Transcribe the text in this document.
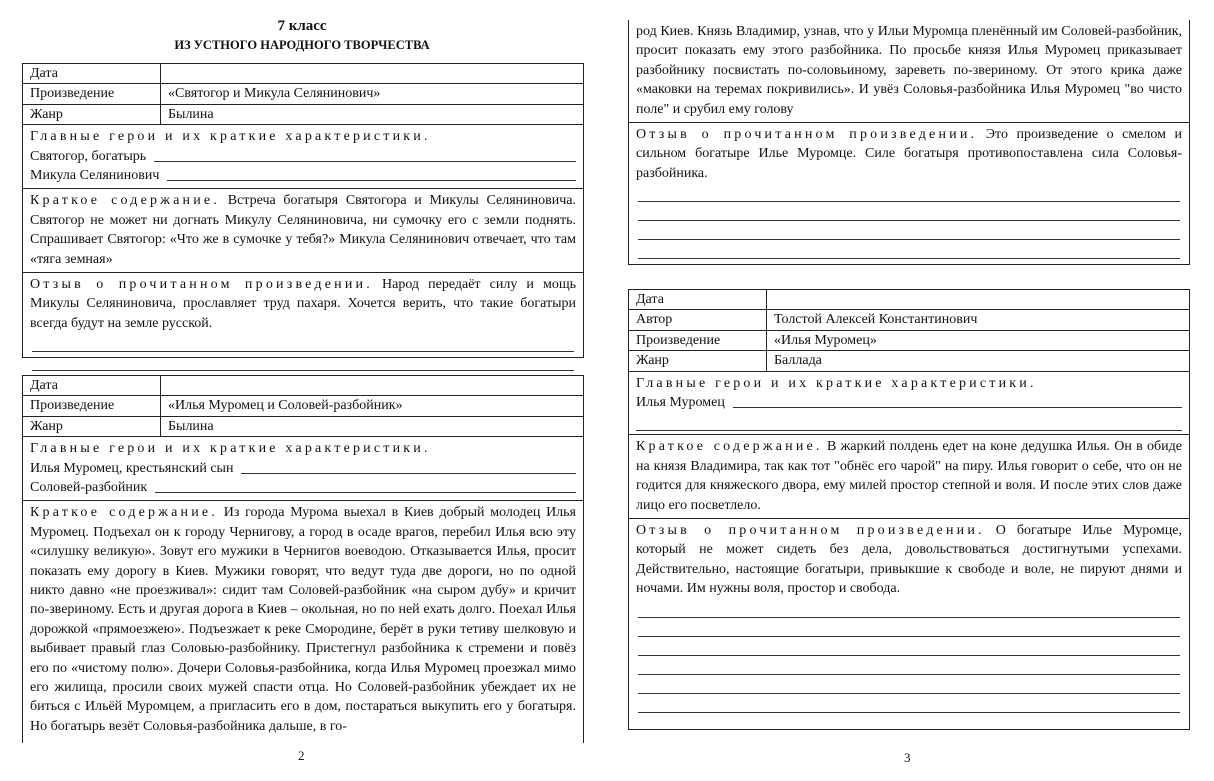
7 класс
ИЗ УСТНОГО НАРОДНОГО ТВОРЧЕСТВА
Дата
Произведение	«Святогор и Микула Селянинович»
Жанр	Былина
Главные герои и их краткие характеристики.
Святогор, богатырь
Микула Селянинович
Краткое содержание. Встреча богатыря Святогора и Микулы Селяниновича. Святогор не может ни догнать Микулу Селяниновича, ни сумочку его с земли поднять. Спрашивает Святогор: «Что же в сумочке у тебя?» Микула Селянинович отвечает, что там «тяга земная»
Отзыв о прочитанном произведении. Народ передаёт силу и мощь Микулы Селяниновича, прославляет труд пахаря. Хочется верить, что такие богатыри всегда будут на земле русской.
Дата
Произведение	«Илья Муромец и Соловей-разбойник»
Жанр	Былина
Главные герои и их краткие характеристики.
Илья Муромец, крестьянский сын
Соловей-разбойник
Краткое содержание. Из города Мурома выехал в Киев добрый молодец Илья Муромец. Подъехал он к городу Чернигову, а город в осаде врагов, перебил Илья всю эту «силушку великую». Зовут его мужики в Чернигов воеводою. Отказывается Илья, просит показать ему дорогу в Киев. Мужики говорят, что ведут туда две дороги, но по одной никто давно «не проезживал»: сидит там Соловей-разбойник «на сыром дубу» и кричит по-звериному. Есть и другая дорога в Киев – окольная, но по ней ехать долго. Поехал Илья дорожкой «прямоезжею». Подъезжает к реке Смородине, берёт в руки тетиву шелковую и выбивает правый глаз Соловью-разбойнику. Пристегнул разбойника к стремени и повёз его по «чистому полю». Дочери Соловья-разбойника, когда Илья Муромец проезжал мимо его жилища, просили своих мужей спасти отца. Но Соловей-разбойник убеждает их не биться с Ильёй Муромцем, а пригласить его в дом, постараться выкупить его у богатыря. Но богатырь везёт Соловья-разбойника дальше, в го-
2
род Киев. Князь Владимир, узнав, что у Ильи Муромца пленённый им Соловей-разбойник, просит показать ему этого разбойника. По просьбе князя Илья Муромец приказывает разбойнику посвистать по-соловьиному, зареветь по-звериному. От этого крика даже «маковки на теремах покривились». И увёз Соловья-разбойника Илья Муромец "во чисто поле" и срубил ему голову
Отзыв о прочитанном произведении. Это произведение о смелом и сильном богатыре Илье Муромце. Силе богатыря противопоставлена сила Соловья-разбойника.
Дата
Автор	Толстой Алексей Константинович
Произведение	«Илья Муромец»
Жанр	Баллада
Главные герои и их краткие характеристики.
Илья Муромец
Краткое содержание. В жаркий полдень едет на коне дедушка Илья. Он в обиде на князя Владимира, так как тот "обнёс его чарой" на пиру. Илья говорит о себе, что он не годится для княжеского двора, ему милей простор степной и воля. И после этих слов даже лицо его посветлело.
Отзыв о прочитанном произведении. О богатыре Илье Муромце, который не может сидеть без дела, довольствоваться достигнутыми успехами. Действительно, настоящие богатыри, привыкшие к свободе и воле, не пируют днями и ночами. Им нужны воля, простор и свобода.
3
